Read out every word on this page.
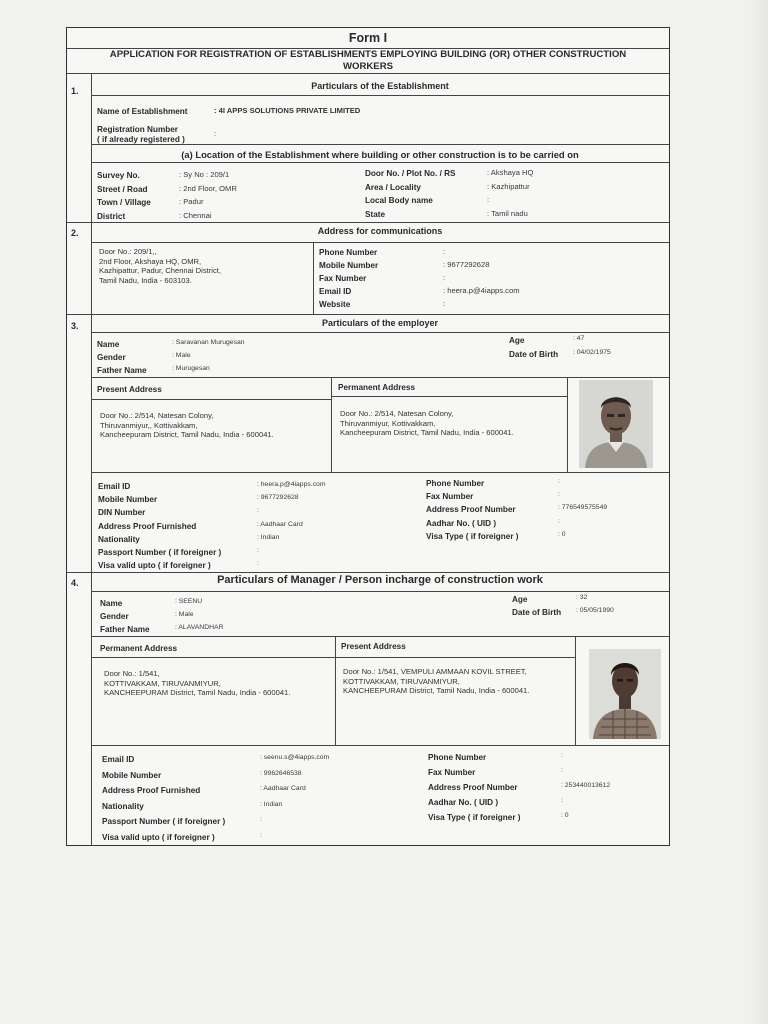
Form I
APPLICATION FOR REGISTRATION OF ESTABLISHMENTS EMPLOYING BUILDING (OR) OTHER CONSTRUCTION
WORKERS
1.	Particulars of the Establishment
Name of Establishment	: 4I APPS SOLUTIONS PRIVATE LIMITED
Registration Number
( if already registered )
:
(a) Location of the Establishment where building or other construction is to be carried on
Survey No.	: Sy No : 209/1
Street / Road	: 2nd Floor, OMR
Town / Village	: Padur
District	: Chennai
Door No. / Plot No. / RS	: Akshaya HQ
Area / Locality	: Kazhipattur
Local Body name	:
State	: Tamil nadu
2.	Address for communications
Door No.: 209/1,,
2nd Floor, Akshaya HQ, OMR,
Kazhipattur, Padur, Chennai District,
Tamil Nadu, India - 603103.
Phone Number	:
Mobile Number	: 9677292628
Fax Number	:
Email ID	: heera.p@4iapps.com
Website	:
3.	Particulars of the employer
Name	: Saravanan Murugesan
Gender	: Male
Father Name	: Murugesan
Age	: 47
Date of Birth : 04/02/1975
Present Address	Permanent Address
Door No.: 2/514, Natesan Colony,
Thiruvanmiyur,, Kottivakkam,
Kancheepuram District, Tamil Nadu, India - 600041.
Door No.: 2/514, Natesan Colony,
Thiruvanmiyur, Kottivakkam,
Kancheepuram District, Tamil Nadu, India - 600041.
Email ID	: heera.p@4iapps.com
Mobile Number	: 9677292628
DIN Number	:
Address Proof Furnished	: Aadhaar Card
Nationality	: Indian
Passport Number ( if foreigner )	:
Visa valid upto ( if foreigner )	:
Phone Number	:
Fax Number	:
Address Proof Number	: 776549575549
Aadhar No. ( UID )	:
Visa Type ( if foreigner )	: 0
4.	Particulars of Manager / Person incharge of construction work
Name	: SEENU
Gender	: Male
Father Name	: ALAVANDHAR
Age	: 32
Date of Birth : 05/05/1990
Permanent Address	Present Address
Door No.: 1/541,
KOTTIVAKKAM, TIRUVANMIYUR,
KANCHEEPURAM District, Tamil Nadu, India - 600041.
Door No.: 1/541, VEMPULI AMMAAN KOVIL STREET,
KOTTIVAKKAM, TIRUVANMIYUR,
KANCHEEPURAM District, Tamil Nadu, India - 600041.
Email ID	: seenu.s@4iapps.com
Mobile Number	: 9962646538
Address Proof Furnished	: Aadhaar Card
Nationality	: Indian
Passport Number ( if foreigner )	:
Visa valid upto ( if foreigner )	:
Phone Number	:
Fax Number	:
Address Proof Number	: 253440013612
Aadhar No. ( UID )	:
Visa Type ( if foreigner )	: 0
